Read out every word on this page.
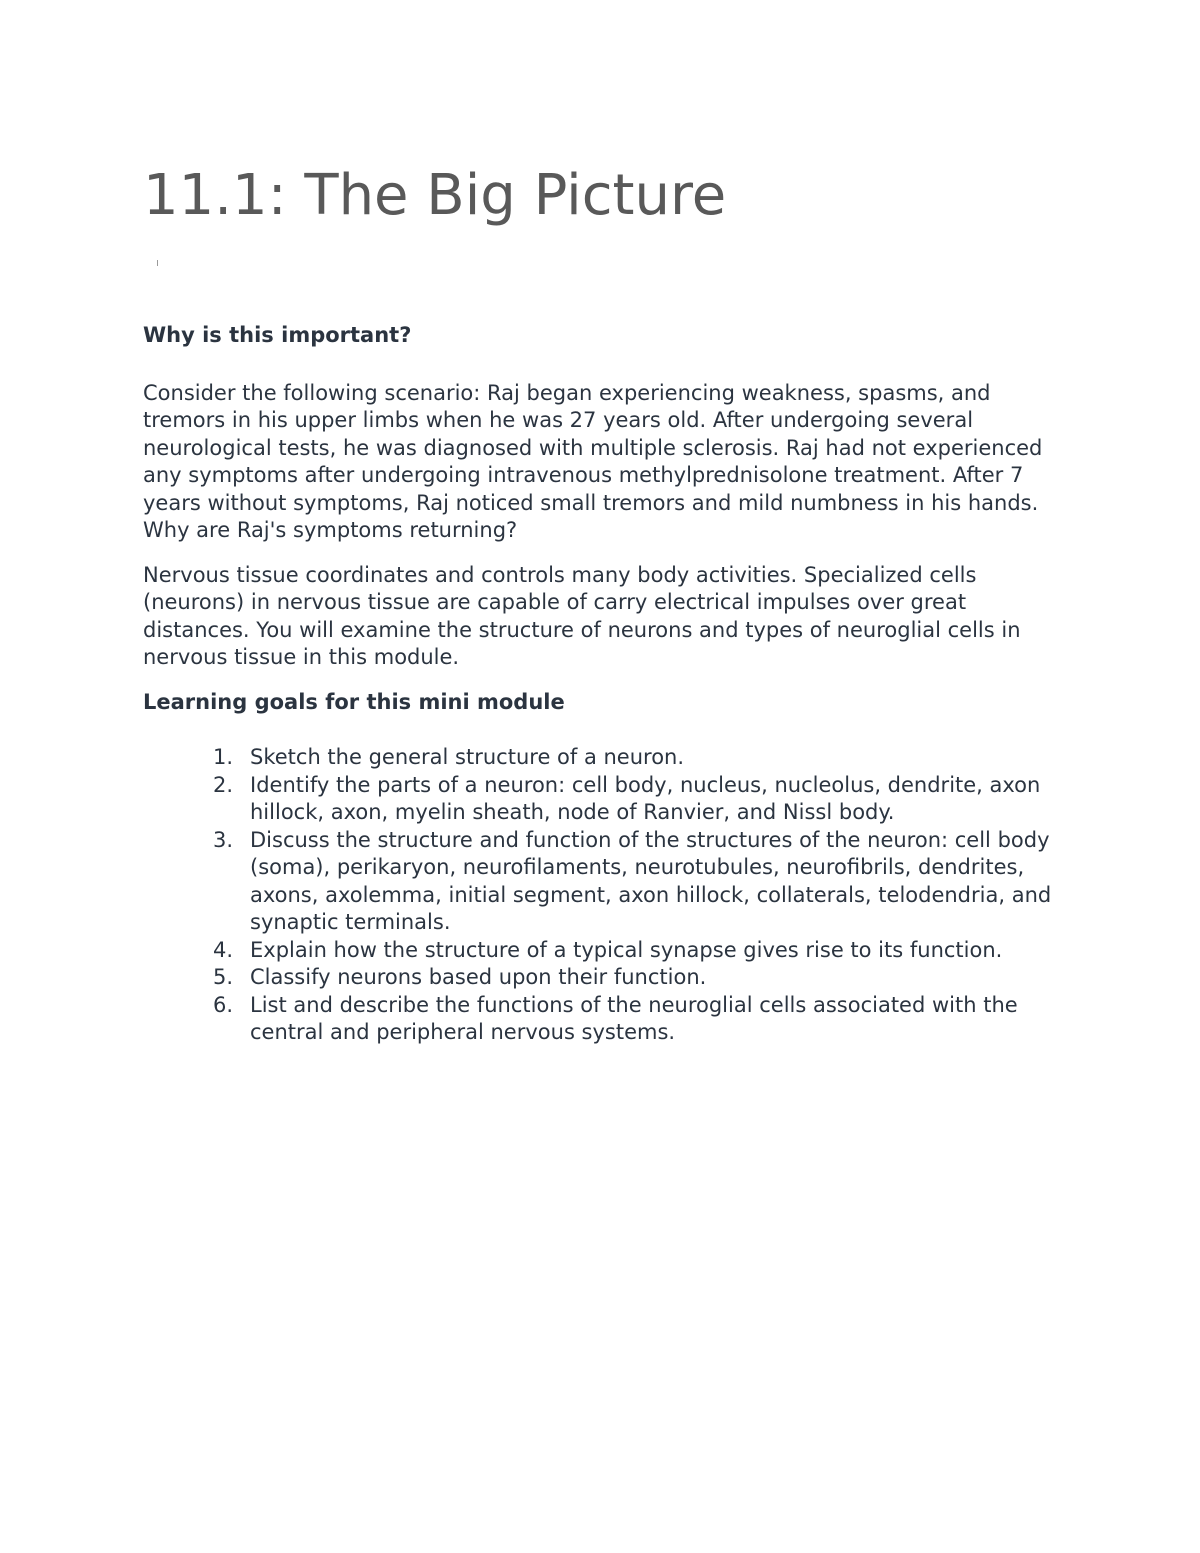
11.1: The Big Picture
Why is this important?

Consider the following scenario: Raj began experiencing weakness, spasms, and tremors in his upper limbs when he was 27 years old. After undergoing several neurological tests, he was diagnosed with multiple sclerosis. Raj had not experienced any symptoms after undergoing intravenous methylprednisolone treatment. After 7 years without symptoms, Raj noticed small tremors and mild numbness in his hands. Why are Raj's symptoms returning?

Nervous tissue coordinates and controls many body activities. Specialized cells (neurons) in nervous tissue are capable of carry electrical impulses over great distances. You will examine the structure of neurons and types of neuroglial cells in nervous tissue in this module.

Learning goals for this mini module
1. Sketch the general structure of a neuron.
2. Identify the parts of a neuron: cell body, nucleus, nucleolus, dendrite, axon hillock, axon, myelin sheath, node of Ranvier, and Nissl body.
3. Discuss the structure and function of the structures of the neuron: cell body (soma), perikaryon, neurofilaments, neurotubules, neurofibrils, dendrites, axons, axolemma, initial segment, axon hillock, collaterals, telodendria, and synaptic terminals.
4. Explain how the structure of a typical synapse gives rise to its function.
5. Classify neurons based upon their function.
6. List and describe the functions of the neuroglial cells associated with the central and peripheral nervous systems.
